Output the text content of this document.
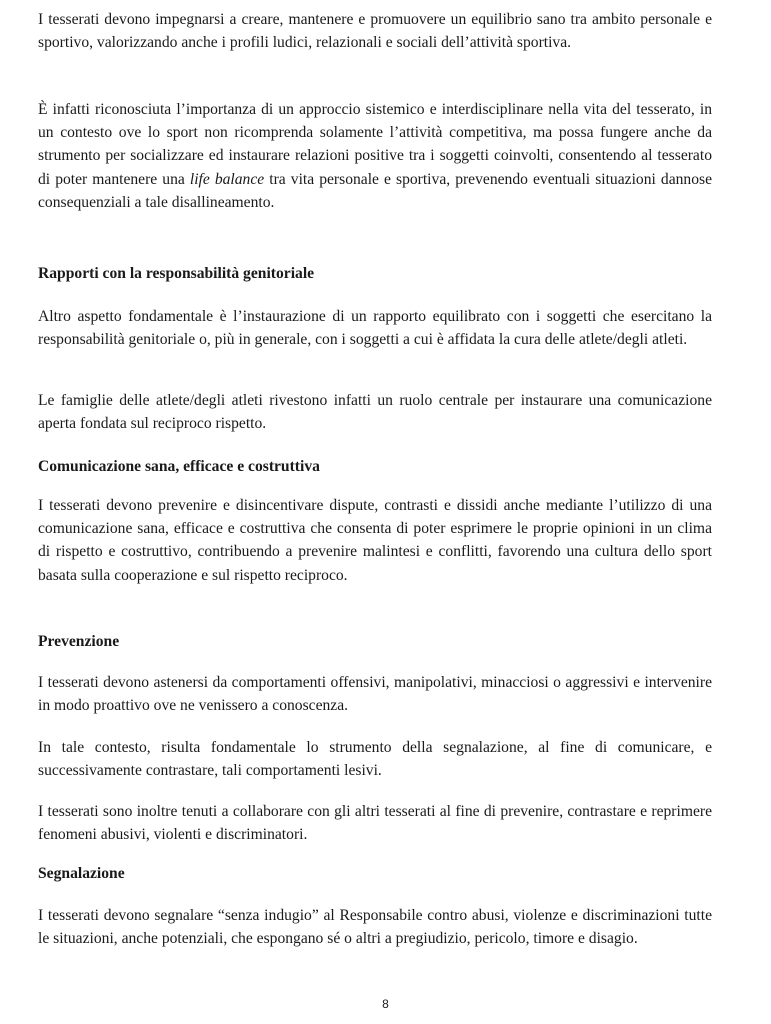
I tesserati devono impegnarsi a creare, mantenere e promuovere un equilibrio sano tra ambito personale e sportivo, valorizzando anche i profili ludici, relazionali e sociali dell’attività sportiva.

È infatti riconosciuta l’importanza di un approccio sistemico e interdisciplinare nella vita del tesserato, in un contesto ove lo sport non ricomprenda solamente l’attività competitiva, ma possa fungere anche da strumento per socializzare ed instaurare relazioni positive tra i soggetti coinvolti, consentendo al tesserato di poter mantenere una life balance tra vita personale e sportiva, prevenendo eventuali situazioni dannose consequenziali a tale disallineamento.

Rapporti con la responsabilità genitoriale

Altro aspetto fondamentale è l’instaurazione di un rapporto equilibrato con i soggetti che esercitano la responsabilità genitoriale o, più in generale, con i soggetti a cui è affidata la cura delle atlete/degli atleti.

Le famiglie delle atlete/degli atleti rivestono infatti un ruolo centrale per instaurare una comunicazione aperta fondata sul reciproco rispetto.

Comunicazione sana, efficace e costruttiva

I tesserati devono prevenire e disincentivare dispute, contrasti e dissidi anche mediante l’utilizzo di una comunicazione sana, efficace e costruttiva che consenta di poter esprimere le proprie opinioni in un clima di rispetto e costruttivo, contribuendo a prevenire malintesi e conflitti, favorendo una cultura dello sport basata sulla cooperazione e sul rispetto reciproco.

Prevenzione

I tesserati devono astenersi da comportamenti offensivi, manipolativi, minacciosi o aggressivi e intervenire in modo proattivo ove ne venissero a conoscenza.

In tale contesto, risulta fondamentale lo strumento della segnalazione, al fine di comunicare, e successivamente contrastare, tali comportamenti lesivi.

I tesserati sono inoltre tenuti a collaborare con gli altri tesserati al fine di prevenire, contrastare e reprimere fenomeni abusivi, violenti e discriminatori.

Segnalazione

I tesserati devono segnalare “senza indugio” al Responsabile contro abusi, violenze e discriminazioni tutte le situazioni, anche potenziali, che espongano sé o altri a pregiudizio, pericolo, timore e disagio.

8
